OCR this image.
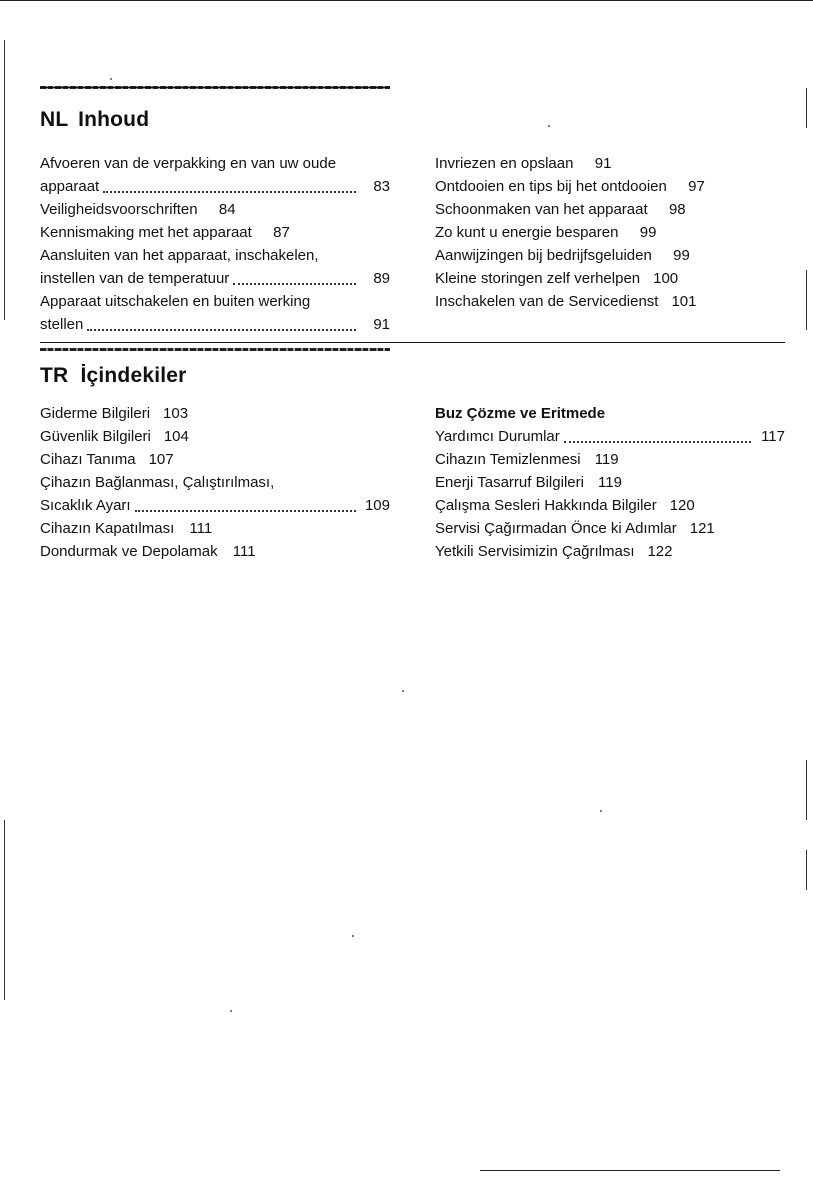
NL Inhoud
Afvoeren van de verpakking en van uw oude
apparaat	83
Veiligheidsvoorschriften	84
Kennismaking met het apparaat	87
Aansluiten van het apparaat, inschakelen,
instellen van de temperatuur	89
Apparaat uitschakelen en buiten werking
stellen	91
Invriezen en opslaan	91
Ontdooien en tips bij het ontdooien	97
Schoonmaken van het apparaat	98
Zo kunt u energie besparen	99
Aanwijzingen bij bedrijfsgeluiden	99
Kleine storingen zelf verhelpen 100
Inschakelen van de Servicedienst 101
TR İçindekiler
Giderme Bilgileri 103
Güvenlik Bilgileri 104
Cihazı Tanıma 107
Çihazın Bağlanması, Çalıştırılması,
Sıcaklık Ayarı	109
Cihazın Kapatılması	111
Dondurmak ve Depolamak	111
Buz Çözme ve Eritmede
Yardımcı Durumlar	117
Cihazın Temizlenmesi 119
Enerji Tasarruf Bilgileri 119
Çalışma Sesleri Hakkında Bilgiler 120
Servisi Çağırmadan Önce ki Adımlar 121
Yetkili Servisimizin Çağrılması 122
